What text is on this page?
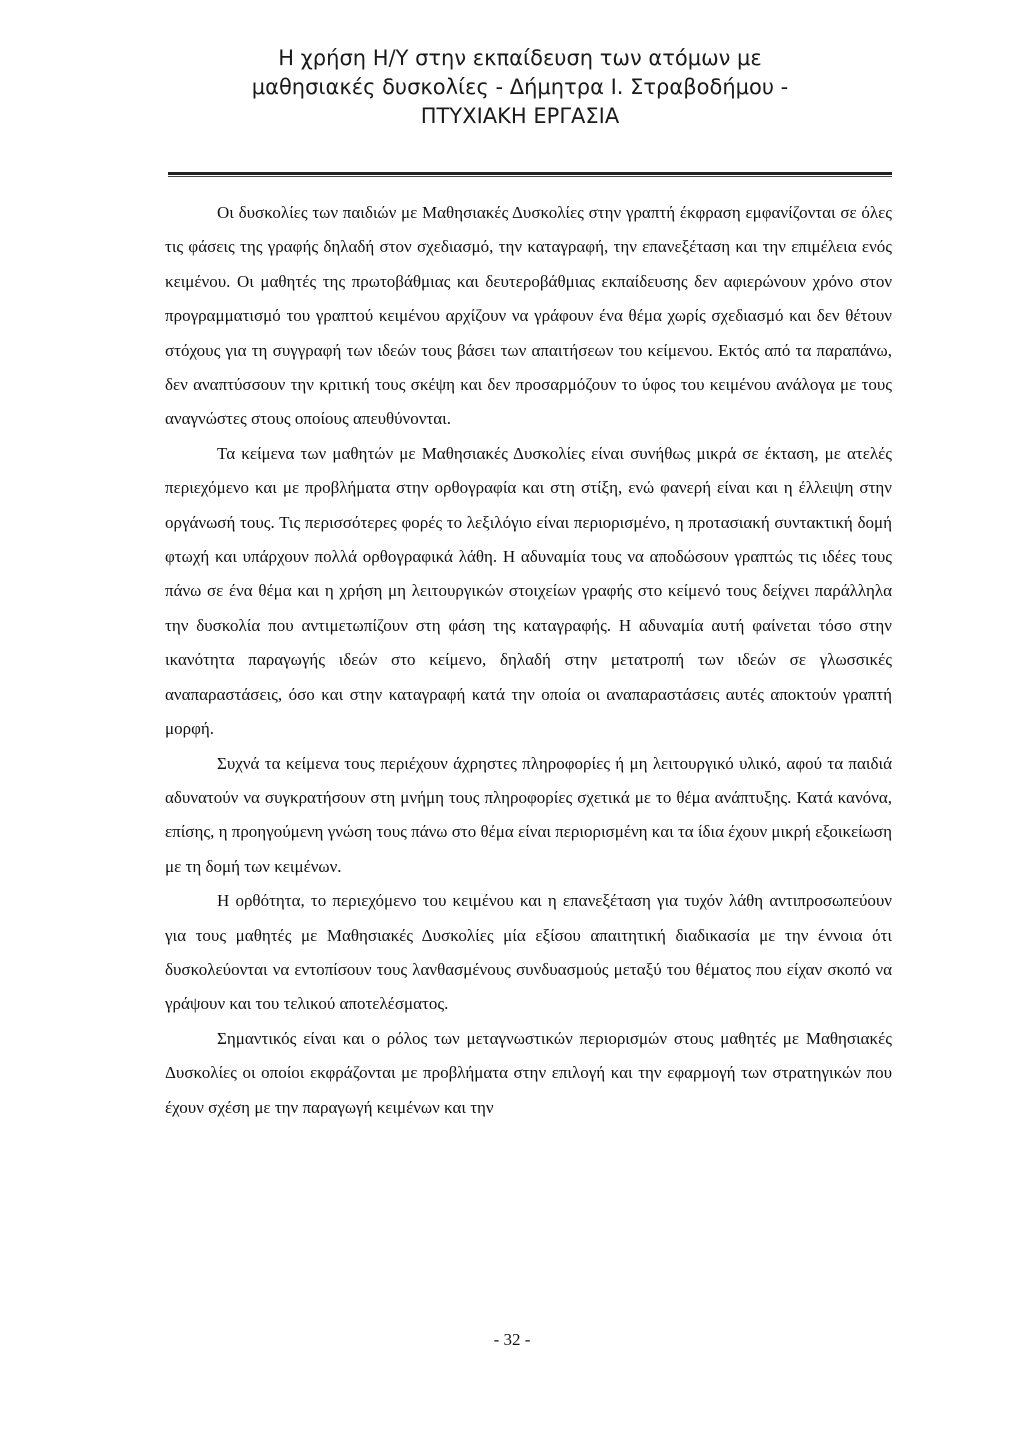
Η χρήση Η/Υ στην εκπαίδευση των ατόμων με
μαθησιακές δυσκολίες - Δήμητρα Ι. Στραβοδήμου -
ΠΤΥΧΙΑΚΗ ΕΡΓΑΣΙΑ

Οι δυσκολίες των παιδιών με Μαθησιακές Δυσκολίες στην γραπτή έκφραση εμφανίζονται σε όλες τις φάσεις της γραφής δηλαδή στον σχεδιασμό, την καταγραφή, την επανεξέταση και την επιμέλεια ενός κειμένου. Οι μαθητές της πρωτοβάθμιας και δευτεροβάθμιας εκπαίδευσης δεν αφιερώνουν χρόνο στον προγραμματισμό του γραπτού κειμένου αρχίζουν να γράφουν ένα θέμα χωρίς σχεδιασμό και δεν θέτουν στόχους για τη συγγραφή των ιδεών τους βάσει των απαιτήσεων του κείμενου. Εκτός από τα παραπάνω, δεν αναπτύσσουν την κριτική τους σκέψη και δεν προσαρμόζουν το ύφος του κειμένου ανάλογα με τους αναγνώστες στους οποίους απευθύνονται.

Τα κείμενα των μαθητών με Μαθησιακές Δυσκολίες είναι συνήθως μικρά σε έκταση, με ατελές περιεχόμενο και με προβλήματα στην ορθογραφία και στη στίξη, ενώ φανερή είναι και η έλλειψη στην οργάνωσή τους. Τις περισσότερες φορές το λεξιλόγιο είναι περιορισμένο, η προτασιακή συντακτική δομή φτωχή και υπάρχουν πολλά ορθογραφικά λάθη. Η αδυναμία τους να αποδώσουν γραπτώς τις ιδέες τους πάνω σε ένα θέμα και η χρήση μη λειτουργικών στοιχείων γραφής στο κείμενό τους δείχνει παράλληλα την δυσκολία που αντιμετωπίζουν στη φάση της καταγραφής. Η αδυναμία αυτή φαίνεται τόσο στην ικανότητα παραγωγής ιδεών στο κείμενο, δηλαδή στην μετατροπή των ιδεών σε γλωσσικές αναπαραστάσεις, όσο και στην καταγραφή κατά την οποία οι αναπαραστάσεις αυτές αποκτούν γραπτή μορφή.

Συχνά τα κείμενα τους περιέχουν άχρηστες πληροφορίες ή μη λειτουργικό υλικό, αφού τα παιδιά αδυνατούν να συγκρατήσουν στη μνήμη τους πληροφορίες σχετικά με το θέμα ανάπτυξης. Κατά κανόνα, επίσης, η προηγούμενη γνώση τους πάνω στο θέμα είναι περιορισμένη και τα ίδια έχουν μικρή εξοικείωση με τη δομή των κειμένων.

Η ορθότητα, το περιεχόμενο του κειμένου και η επανεξέταση για τυχόν λάθη αντιπροσωπεύουν για τους μαθητές με Μαθησιακές Δυσκολίες μία εξίσου απαιτητική διαδικασία με την έννοια ότι δυσκολεύονται να εντοπίσουν τους λανθασμένους συνδυασμούς μεταξύ του θέματος που είχαν σκοπό να γράψουν και του τελικού αποτελέσματος.

Σημαντικός είναι και ο ρόλος των μεταγνωστικών περιορισμών στους μαθητές με Μαθησιακές Δυσκολίες οι οποίοι εκφράζονται με προβλήματα στην επιλογή και την εφαρμογή των στρατηγικών που έχουν σχέση με την παραγωγή κειμένων και την

- 32 -
